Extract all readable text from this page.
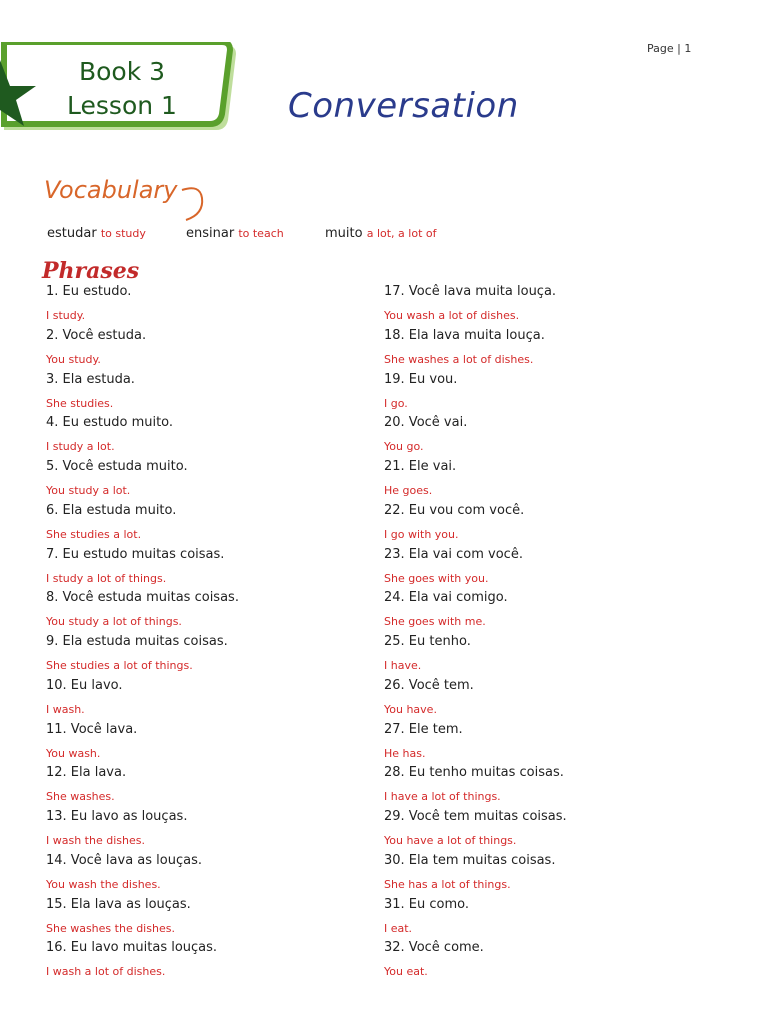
Page | 1
Book 3
Lesson 1	Conversation
Vocabulary
estudar to study	ensinar to teach	muito a lot, a lot of
Phrases
1. Eu estudo.
I study.
2. Você estuda.
You study.
3. Ela estuda.
She studies.
4. Eu estudo muito.
I study a lot.
5. Você estuda muito.
You study a lot.
6. Ela estuda muito.
She studies a lot.
7. Eu estudo muitas coisas.
I study a lot of things.
8. Você estuda muitas coisas.
You study a lot of things.
9. Ela estuda muitas coisas.
She studies a lot of things.
10. Eu lavo.
I wash.
11. Você lava.
You wash.
12. Ela lava.
She washes.
13. Eu lavo as louças.
I wash the dishes.
14. Você lava as louças.
You wash the dishes.
15. Ela lava as louças.
She washes the dishes.
16. Eu lavo muitas louças.
I wash a lot of dishes.
17. Você lava muita louça.
You wash a lot of dishes.
18. Ela lava muita louça.
She washes a lot of dishes.
19. Eu vou.
I go.
20. Você vai.
You go.
21. Ele vai.
He goes.
22. Eu vou com você.
I go with you.
23. Ela vai com você.
She goes with you.
24. Ela vai comigo.
She goes with me.
25. Eu tenho.
I have.
26. Você tem.
You have.
27. Ele tem.
He has.
28. Eu tenho muitas coisas.
I have a lot of things.
29. Você tem muitas coisas.
You have a lot of things.
30. Ela tem muitas coisas.
She has a lot of things.
31. Eu como.
I eat.
32. Você come.
You eat.
